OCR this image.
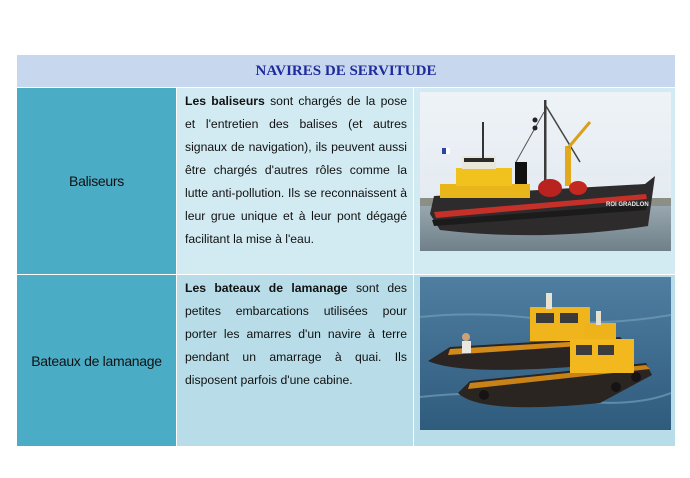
NAVIRES DE SERVITUDE
Baliseurs
Les baliseurs sont chargés de la pose et l'entretien des balises (et autres signaux de navigation), ils peuvent aussi être chargés d'autres rôles comme la lutte anti-pollution. Ils se reconnaissent à leur grue unique et à leur pont dégagé facilitant la mise à l'eau.
ROI GRADLON
Bateaux de lamanage
Les bateaux de lamanage sont des petites embarcations utilisées pour porter les amarres d'un navire à terre pendant un amarrage à quai. Ils disposent parfois d'une cabine.
